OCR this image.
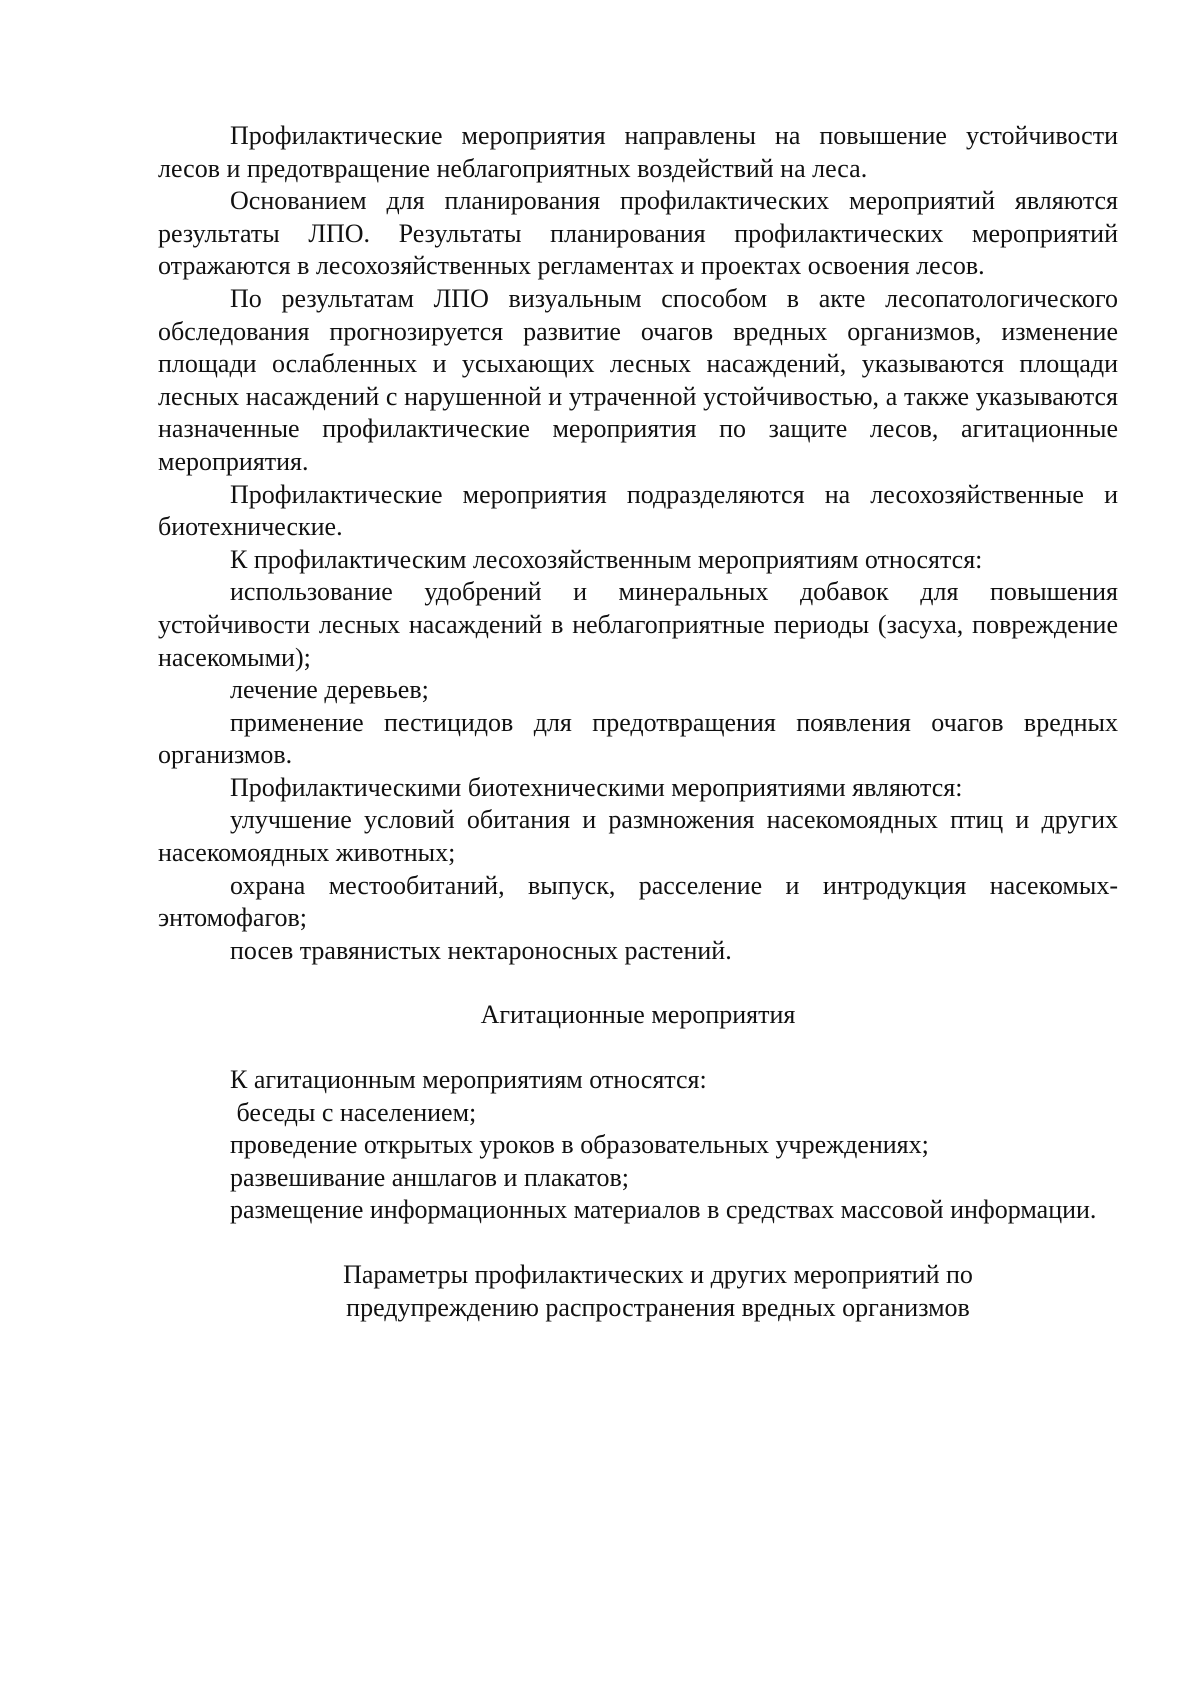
Профилактические мероприятия направлены на повышение устойчивости лесов и предотвращение неблагоприятных воздействий на леса.

Основанием для планирования профилактических мероприятий являются результаты ЛПО. Результаты планирования профилактических мероприятий отражаются в лесохозяйственных регламентах и проектах освоения лесов.

По результатам ЛПО визуальным способом в акте лесопатологического обследования прогнозируется развитие очагов вредных организмов, изменение площади ослабленных и усыхающих лесных насаждений, указываются площади лесных насаждений с нарушенной и утраченной устойчивостью, а также указываются назначенные профилактические мероприятия по защите лесов, агитационные мероприятия.

Профилактические мероприятия подразделяются на лесохозяйственные и биотехнические.

К профилактическим лесохозяйственным мероприятиям относятся:

использование удобрений и минеральных добавок для повышения устойчивости лесных насаждений в неблагоприятные периоды (засуха, повреждение насекомыми);

лечение деревьев;

применение пестицидов для предотвращения появления очагов вредных организмов.

Профилактическими биотехническими мероприятиями являются:

улучшение условий обитания и размножения насекомоядных птиц и других насекомоядных животных;

охрана местообитаний, выпуск, расселение и интродукция насекомых-энтомофагов;

посев травянистых нектароносных растений.

Агитационные мероприятия

К агитационным мероприятиям относятся:

беседы с населением;

проведение открытых уроков в образовательных учреждениях;

развешивание аншлагов и плакатов;

размещение информационных материалов в средствах массовой информации.

Параметры профилактических и других мероприятий по

предупреждению распространения вредных организмов
